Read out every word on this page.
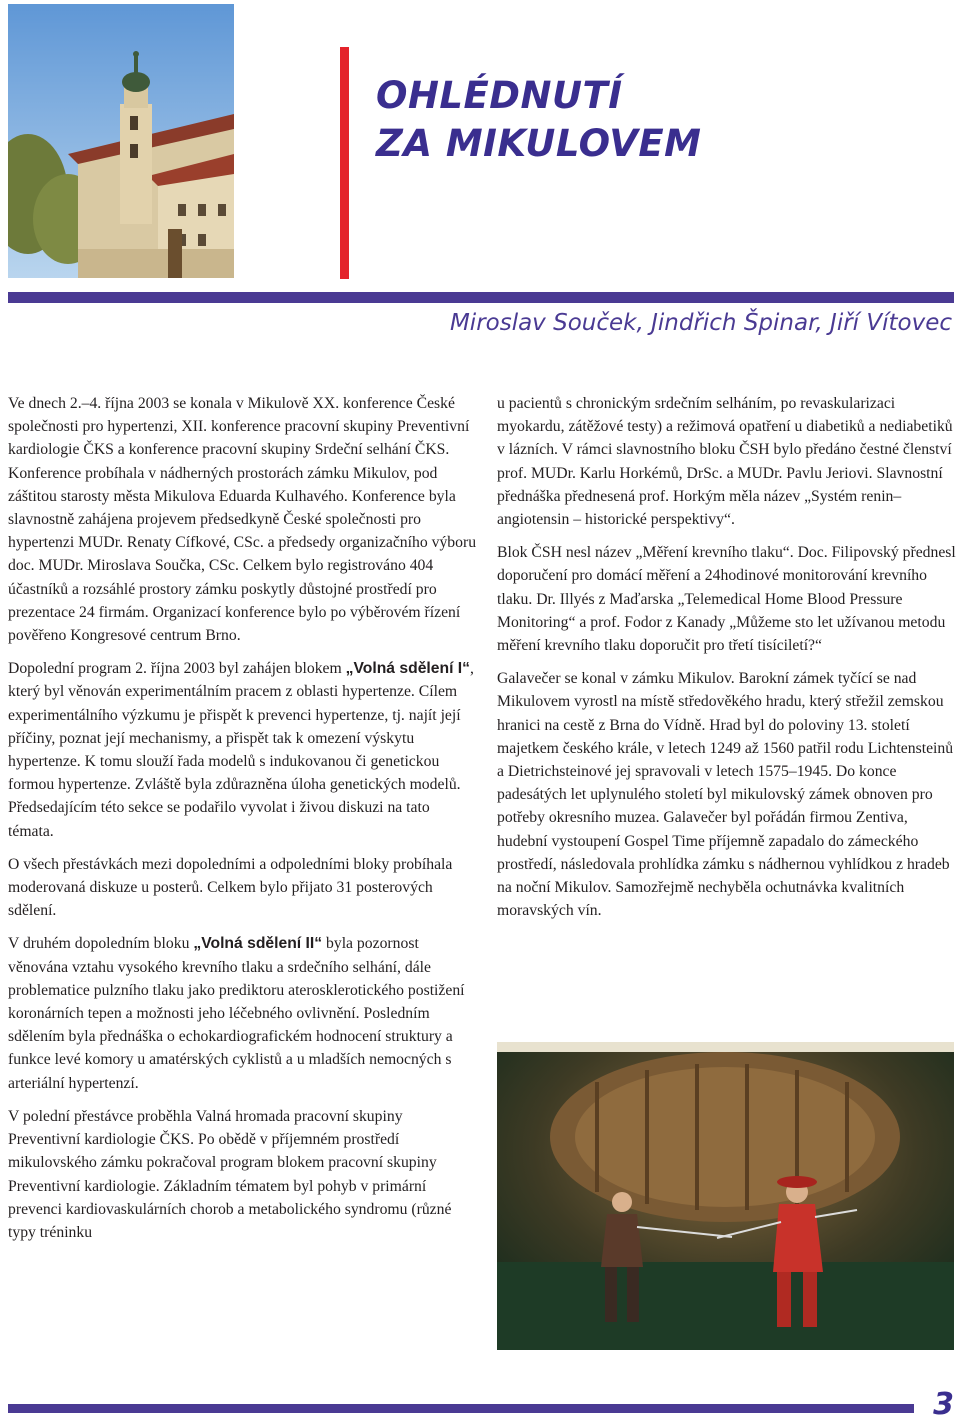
OHLÉDNUTÍ
ZA MIKULOVEM
Miroslav Souček, Jindřich Špinar, Jiří Vítovec

Ve dnech 2.–4. října 2003 se konala v Mikulově XX. konference České společnosti pro hypertenzi, XII. konference pracovní skupiny Preventivní kardiologie ČKS a konference pracovní skupiny Srdeční selhání ČKS. Konference probíhala v nádherných prostorách zámku Mikulov, pod záštitou starosty města Mikulova Eduarda Kulhavého. Konference byla slavnostně zahájena projevem předsedkyně České společnosti pro hypertenzi MUDr. Renaty Cífkové, CSc. a předsedy organizačního výboru doc. MUDr. Miroslava Součka, CSc. Celkem bylo registrováno 404 účastníků a rozsáhlé prostory zámku poskytly důstojné prostředí pro prezentace 24 firmám. Organizací konference bylo po výběrovém řízení pověřeno Kongresové centrum Brno.

Dopolední program 2. října 2003 byl zahájen blokem „Volná sdělení I“, který byl věnován experimentálním pracem z oblasti hypertenze. Cílem experimentálního výzkumu je přispět k prevenci hypertenze, tj. najít její příčiny, poznat její mechanismy, a přispět tak k omezení výskytu hypertenze. K tomu slouží řada modelů s indukovanou či genetickou formou hypertenze. Zvláště byla zdůrazněna úloha genetických modelů. Předsedajícím této sekce se podařilo vyvolat i živou diskuzi na tato témata.

O všech přestávkách mezi dopoledními a odpoledními bloky probíhala moderovaná diskuze u posterů. Celkem bylo přijato 31 posterových sdělení.

V druhém dopoledním bloku „Volná sdělení II“ byla pozornost věnována vztahu vysokého krevního tlaku a srdečního selhání, dále problematice pulzního tlaku jako prediktoru aterosklerotického postižení koronárních tepen a možnosti jeho léčebného ovlivnění. Posledním sdělením byla přednáška o echokardiografickém hodnocení struktury a funkce levé komory u amatérských cyklistů a u mladších nemocných s arteriální hypertenzí.

V polední přestávce proběhla Valná hromada pracovní skupiny Preventivní kardiologie ČKS. Po obědě v příjemném prostředí mikulovského zámku pokračoval program blokem pracovní skupiny Preventivní kardiologie. Základním tématem byl pohyb v primární prevenci kardiovaskulárních chorob a metabolického syndromu (různé typy tréninku

u pacientů s chronickým srdečním selháním, po revaskularizaci myokardu, zátěžové testy) a režimová opatření u diabetiků a nediabetiků v lázních. V rámci slavnostního bloku ČSH bylo předáno čestné členství prof. MUDr. Karlu Horkémů, DrSc. a MUDr. Pavlu Jeriovi. Slavnostní přednáška přednesená prof. Horkým měla název „Systém renin–angiotensin – historické perspektivy“.

Blok ČSH nesl název „Měření krevního tlaku“. Doc. Filipovský přednesl doporučení pro domácí měření a 24hodinové monitorování krevního tlaku. Dr. Illyés z Maďarska „Telemedical Home Blood Pressure Monitoring“ a prof. Fodor z Kanady „Můžeme sto let užívanou metodu měření krevního tlaku doporučit pro třetí tisíciletí?“

Galavečer se konal v zámku Mikulov. Barokní zámek tyčící se nad Mikulovem vyrostl na místě středověkého hradu, který střežil zemskou hranici na cestě z Brna do Vídně. Hrad byl do poloviny 13. století majetkem českého krále, v letech 1249 až 1560 patřil rodu Lichtensteinů a Dietrichsteinové jej spravovali v letech 1575–1945. Do konce padesátých let uplynulého století byl mikulovský zámek obnoven pro potřeby okresního muzea. Galavečer byl pořádán firmou Zentiva, hudební vystoupení Gospel Time příjemně zapadalo do zámeckého prostředí, následovala prohlídka zámku s nádhernou vyhlídkou z hradeb na noční Mikulov. Samozřejmě nechyběla ochutnávka kvalitních moravských vín.

3
